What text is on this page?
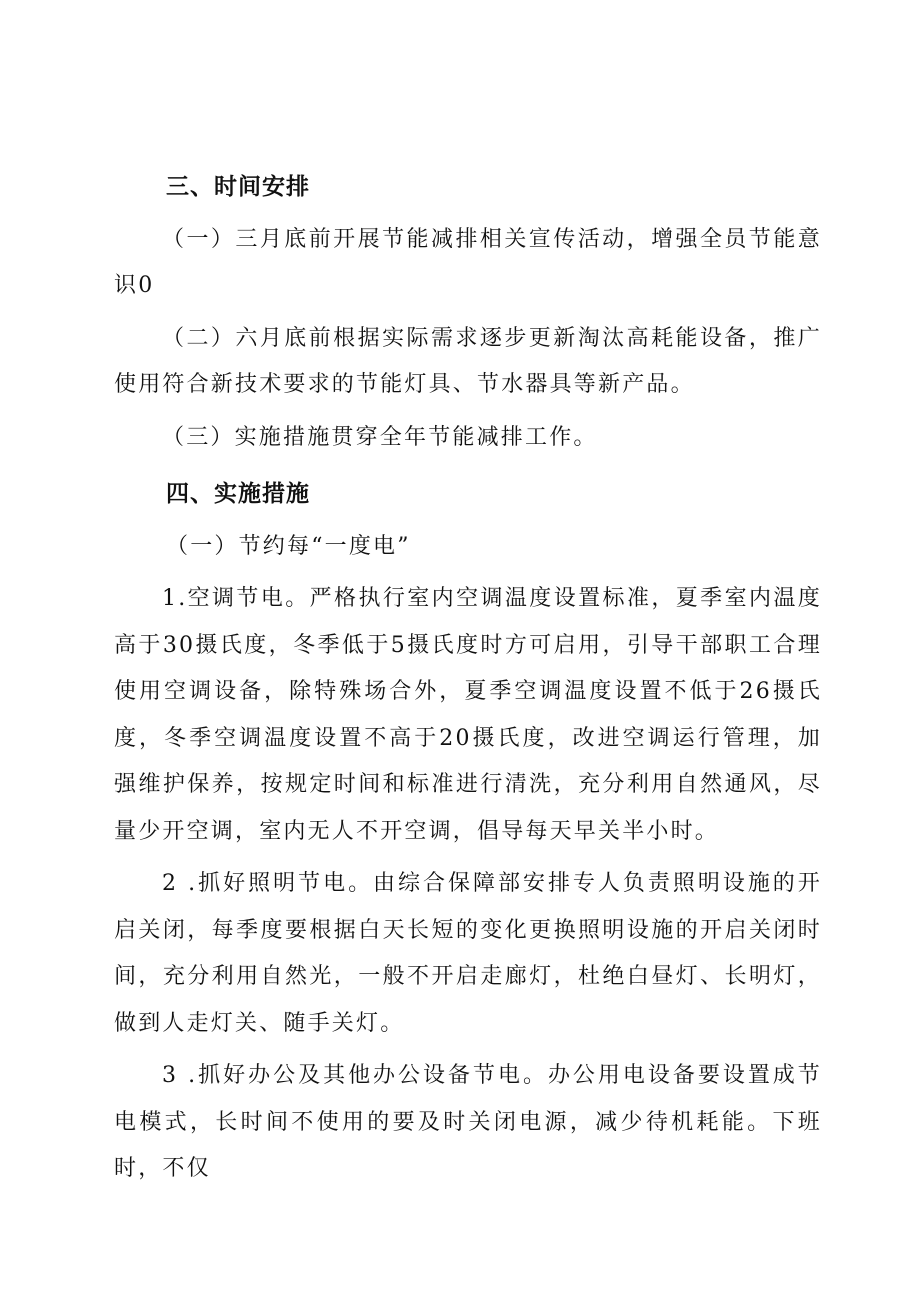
三、时间安排

（一）三月底前开展节能减排相关宣传活动，增强全员节能意识0

（二）六月底前根据实际需求逐步更新淘汰高耗能设备，推广使用符合新技术要求的节能灯具、节水器具等新产品。

（三）实施措施贯穿全年节能减排工作。

四、实施措施

（一）节约每“一度电”

1.空调节电。严格执行室内空调温度设置标准，夏季室内温度高于30摄氏度，冬季低于5摄氏度时方可启用，引导干部职工合理使用空调设备，除特殊场合外，夏季空调温度设置不低于26摄氏度，冬季空调温度设置不高于20摄氏度，改进空调运行管理，加强维护保养，按规定时间和标准进行清洗，充分利用自然通风，尽量少开空调，室内无人不开空调，倡导每天早关半小时。

2 .抓好照明节电。由综合保障部安排专人负责照明设施的开启关闭，每季度要根据白天长短的变化更换照明设施的开启关闭时间，充分利用自然光，一般不开启走廊灯，杜绝白昼灯、长明灯，做到人走灯关、随手关灯。

3 .抓好办公及其他办公设备节电。办公用电设备要设置成节电模式，长时间不使用的要及时关闭电源，减少待机耗能。下班时，不仅
